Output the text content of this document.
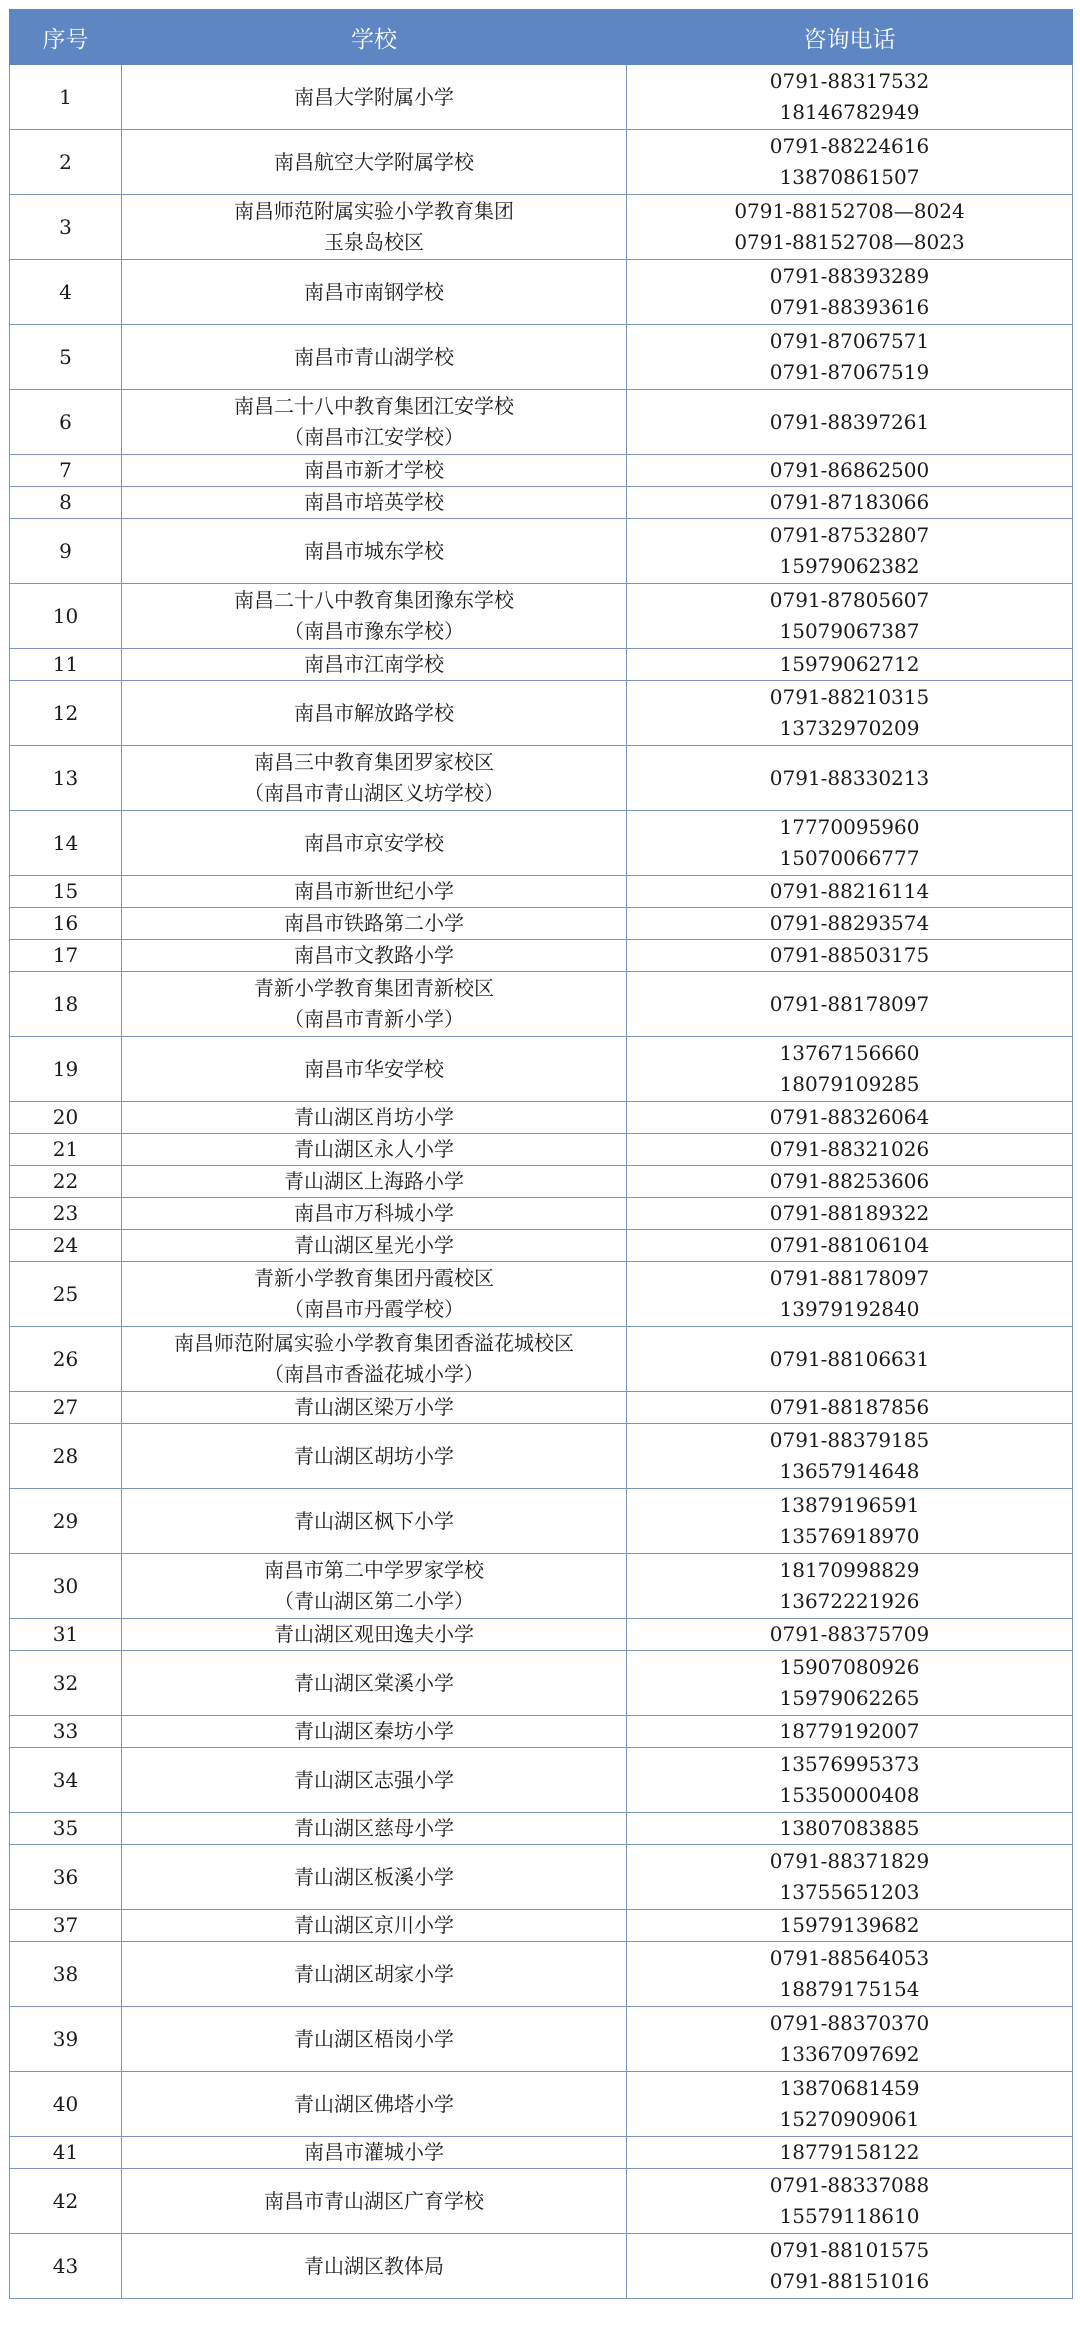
序号	学校	咨询电话
1	南昌大学附属小学	0791-88317532
18146782949

2	南昌航空大学附属学校	0791-88224616
13870861507

3	南昌师范附属实验小学教育集团
玉泉岛校区	0791-88152708—8024
0791-88152708—8023

4	南昌市南钢学校	0791-88393289
0791-88393616

5	南昌市青山湖学校	0791-87067571
0791-87067519

6	南昌二十八中教育集团江安学校
（南昌市江安学校）	0791-88397261

7	南昌市新才学校	0791-86862500

8	南昌市培英学校	0791-87183066

9	南昌市城东学校	0791-87532807
15979062382

10	南昌二十八中教育集团豫东学校
（南昌市豫东学校）	0791-87805607
15079067387

11	南昌市江南学校	15979062712

12	南昌市解放路学校	0791-88210315
13732970209

13	南昌三中教育集团罗家校区
（南昌市青山湖区义坊学校）	0791-88330213

14	南昌市京安学校	17770095960
15070066777

15	南昌市新世纪小学	0791-88216114

16	南昌市铁路第二小学	0791-88293574

17	南昌市文教路小学	0791-88503175

18	青新小学教育集团青新校区
（南昌市青新小学）	0791-88178097

19	南昌市华安学校	13767156660
18079109285

20	青山湖区肖坊小学	0791-88326064

21	青山湖区永人小学	0791-88321026

22	青山湖区上海路小学	0791-88253606

23	南昌市万科城小学	0791-88189322

24	青山湖区星光小学	0791-88106104

25	青新小学教育集团丹霞校区
（南昌市丹霞学校）	0791-88178097
13979192840

26	南昌师范附属实验小学教育集团香溢花城校区
（南昌市香溢花城小学）	0791-88106631

27	青山湖区梁万小学	0791-88187856

28	青山湖区胡坊小学	0791-88379185
13657914648

29	青山湖区枫下小学	13879196591
13576918970

30	南昌市第二中学罗家学校
（青山湖区第二小学）	18170998829
13672221926

31	青山湖区观田逸夫小学	0791-88375709

32	青山湖区棠溪小学	15907080926
15979062265

33	青山湖区秦坊小学	18779192007

34	青山湖区志强小学	13576995373
15350000408

35	青山湖区慈母小学	13807083885

36	青山湖区板溪小学	0791-88371829
13755651203

37	青山湖区京川小学	15979139682

38	青山湖区胡家小学	0791-88564053
18879175154

39	青山湖区梧岗小学	0791-88370370
13367097692

40	青山湖区佛塔小学	13870681459
15270909061

41	南昌市灌城小学	18779158122

42	南昌市青山湖区广育学校	0791-88337088
15579118610

43	青山湖区教体局	0791-88101575
0791-88151016
